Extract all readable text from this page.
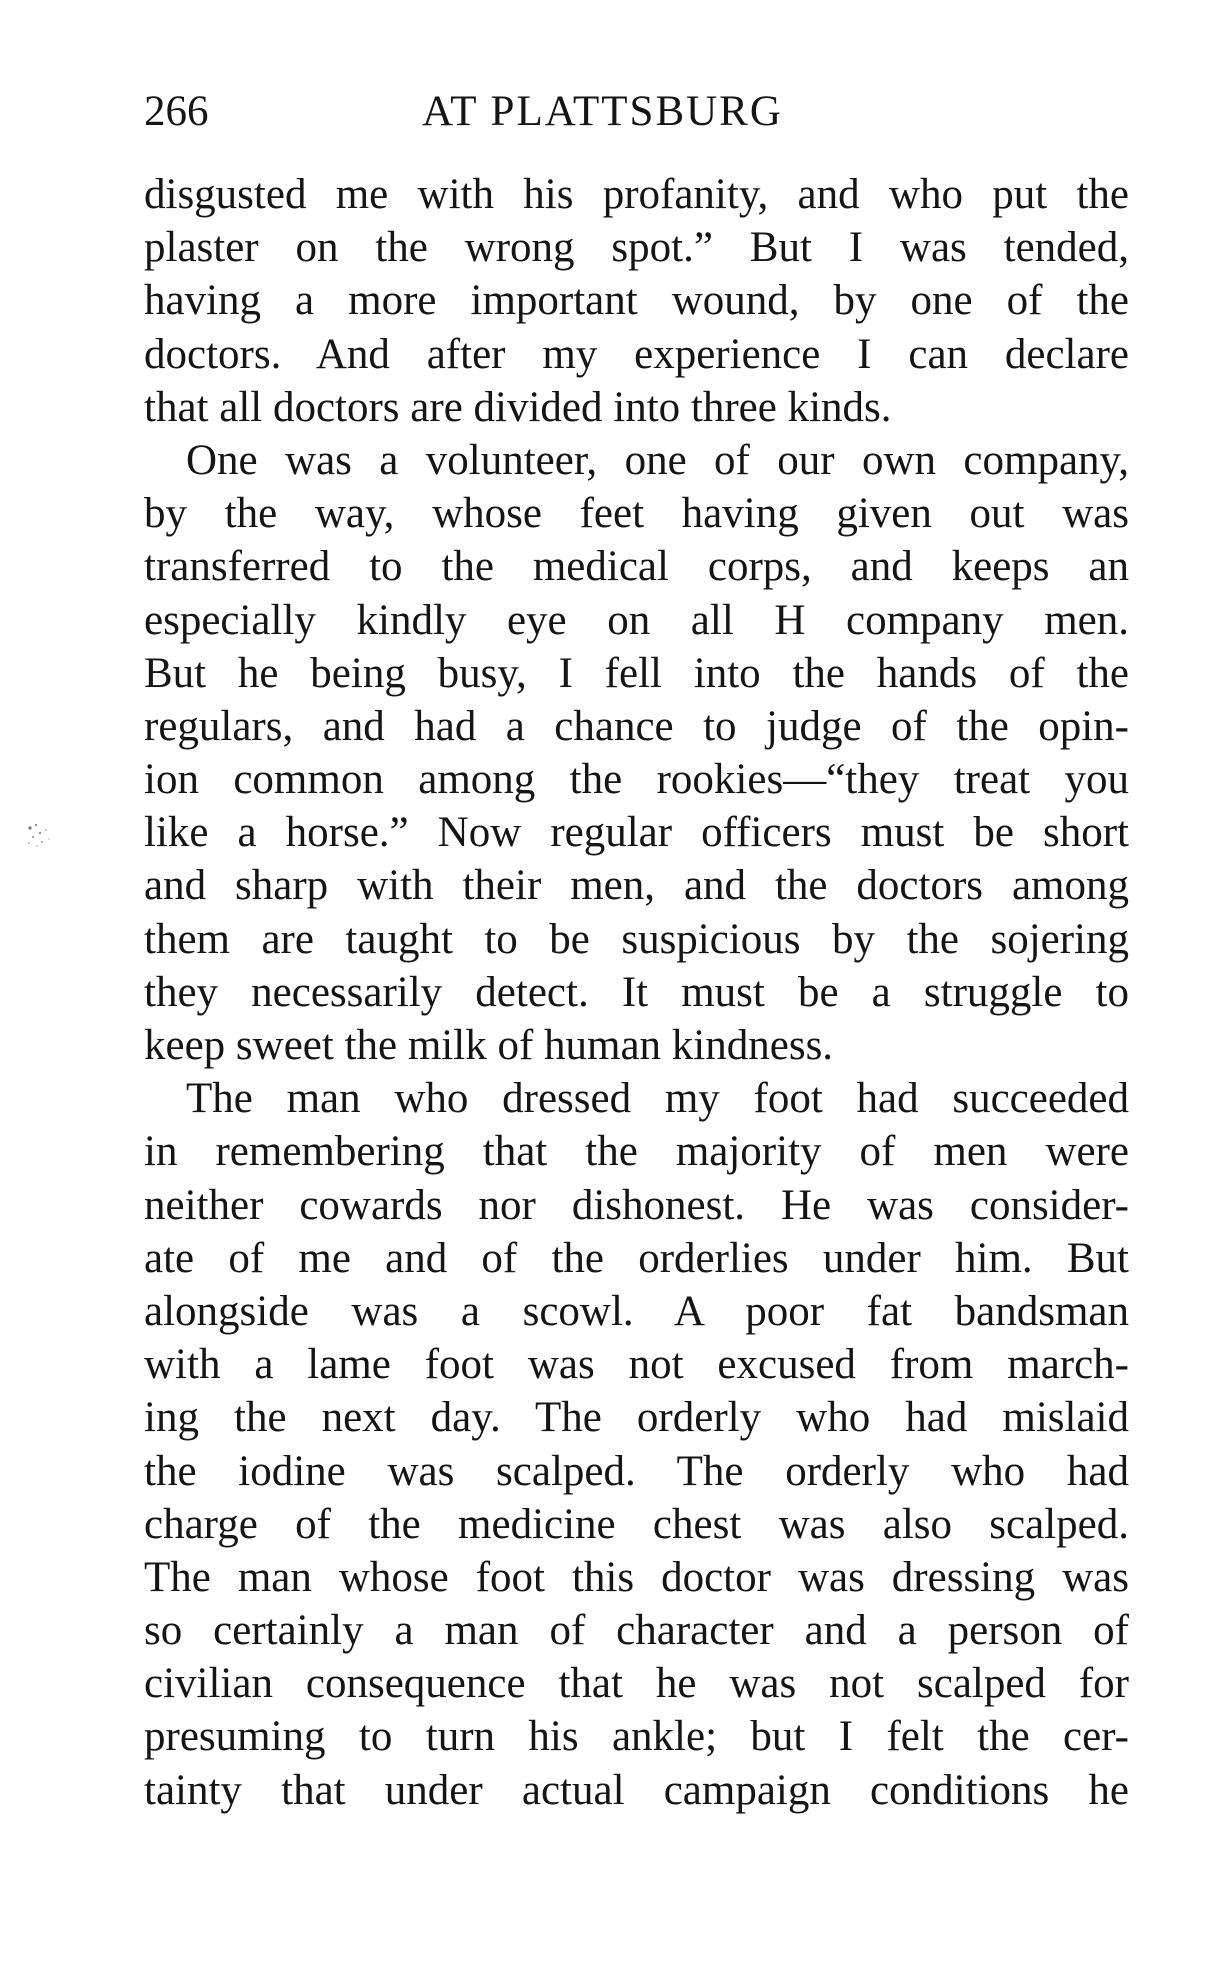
266	AT PLATTSBURG
disgusted me with his profanity, and who put the
plaster on the wrong spot.” But I was tended,
having a more important wound, by one of the
doctors. And after my experience I can declare
that all doctors are divided into three kinds.
One was a volunteer, one of our own company,
by the way, whose feet having given out was
transferred to the medical corps, and keeps an
especially kindly eye on all H company men.
But he being busy, I fell into the hands of the
regulars, and had a chance to judge of the opin-
ion common among the rookies—“they treat you
like a horse.” Now regular officers must be short
and sharp with their men, and the doctors among
them are taught to be suspicious by the sojering
they necessarily detect. It must be a struggle to
keep sweet the milk of human kindness.
The man who dressed my foot had succeeded
in remembering that the majority of men were
neither cowards nor dishonest. He was consider-
ate of me and of the orderlies under him. But
alongside was a scowl. A poor fat bandsman
with a lame foot was not excused from march-
ing the next day. The orderly who had mislaid
the iodine was scalped. The orderly who had
charge of the medicine chest was also scalped.
The man whose foot this doctor was dressing was
so certainly a man of character and a person of
civilian consequence that he was not scalped for
presuming to turn his ankle; but I felt the cer-
tainty that under actual campaign conditions he
